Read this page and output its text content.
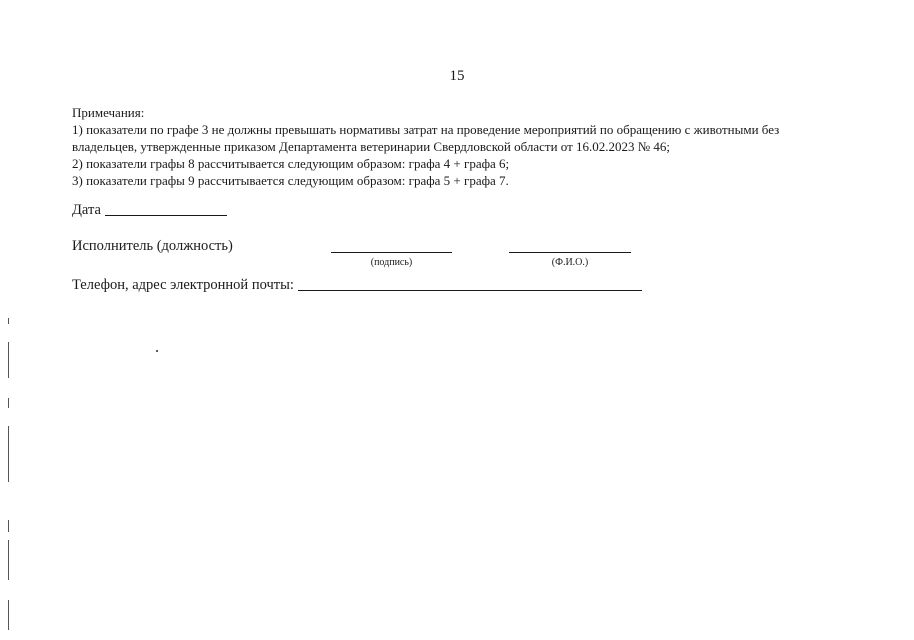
15
Примечания:
1) показатели по графе 3 не должны превышать нормативы затрат на проведение мероприятий по обращению с животными без
владельцев, утвержденные приказом Департамента ветеринарии Свердловской области от 16.02.2023 № 46;
2) показатели графы 8 рассчитывается следующим образом: графа 4 + графа 6;
3) показатели графы 9 рассчитывается следующим образом: графа 5 + графа 7.
Дата
Исполнитель (должность)
(подпись)	(Ф.И.О.)
Телефон, адрес электронной почты:
